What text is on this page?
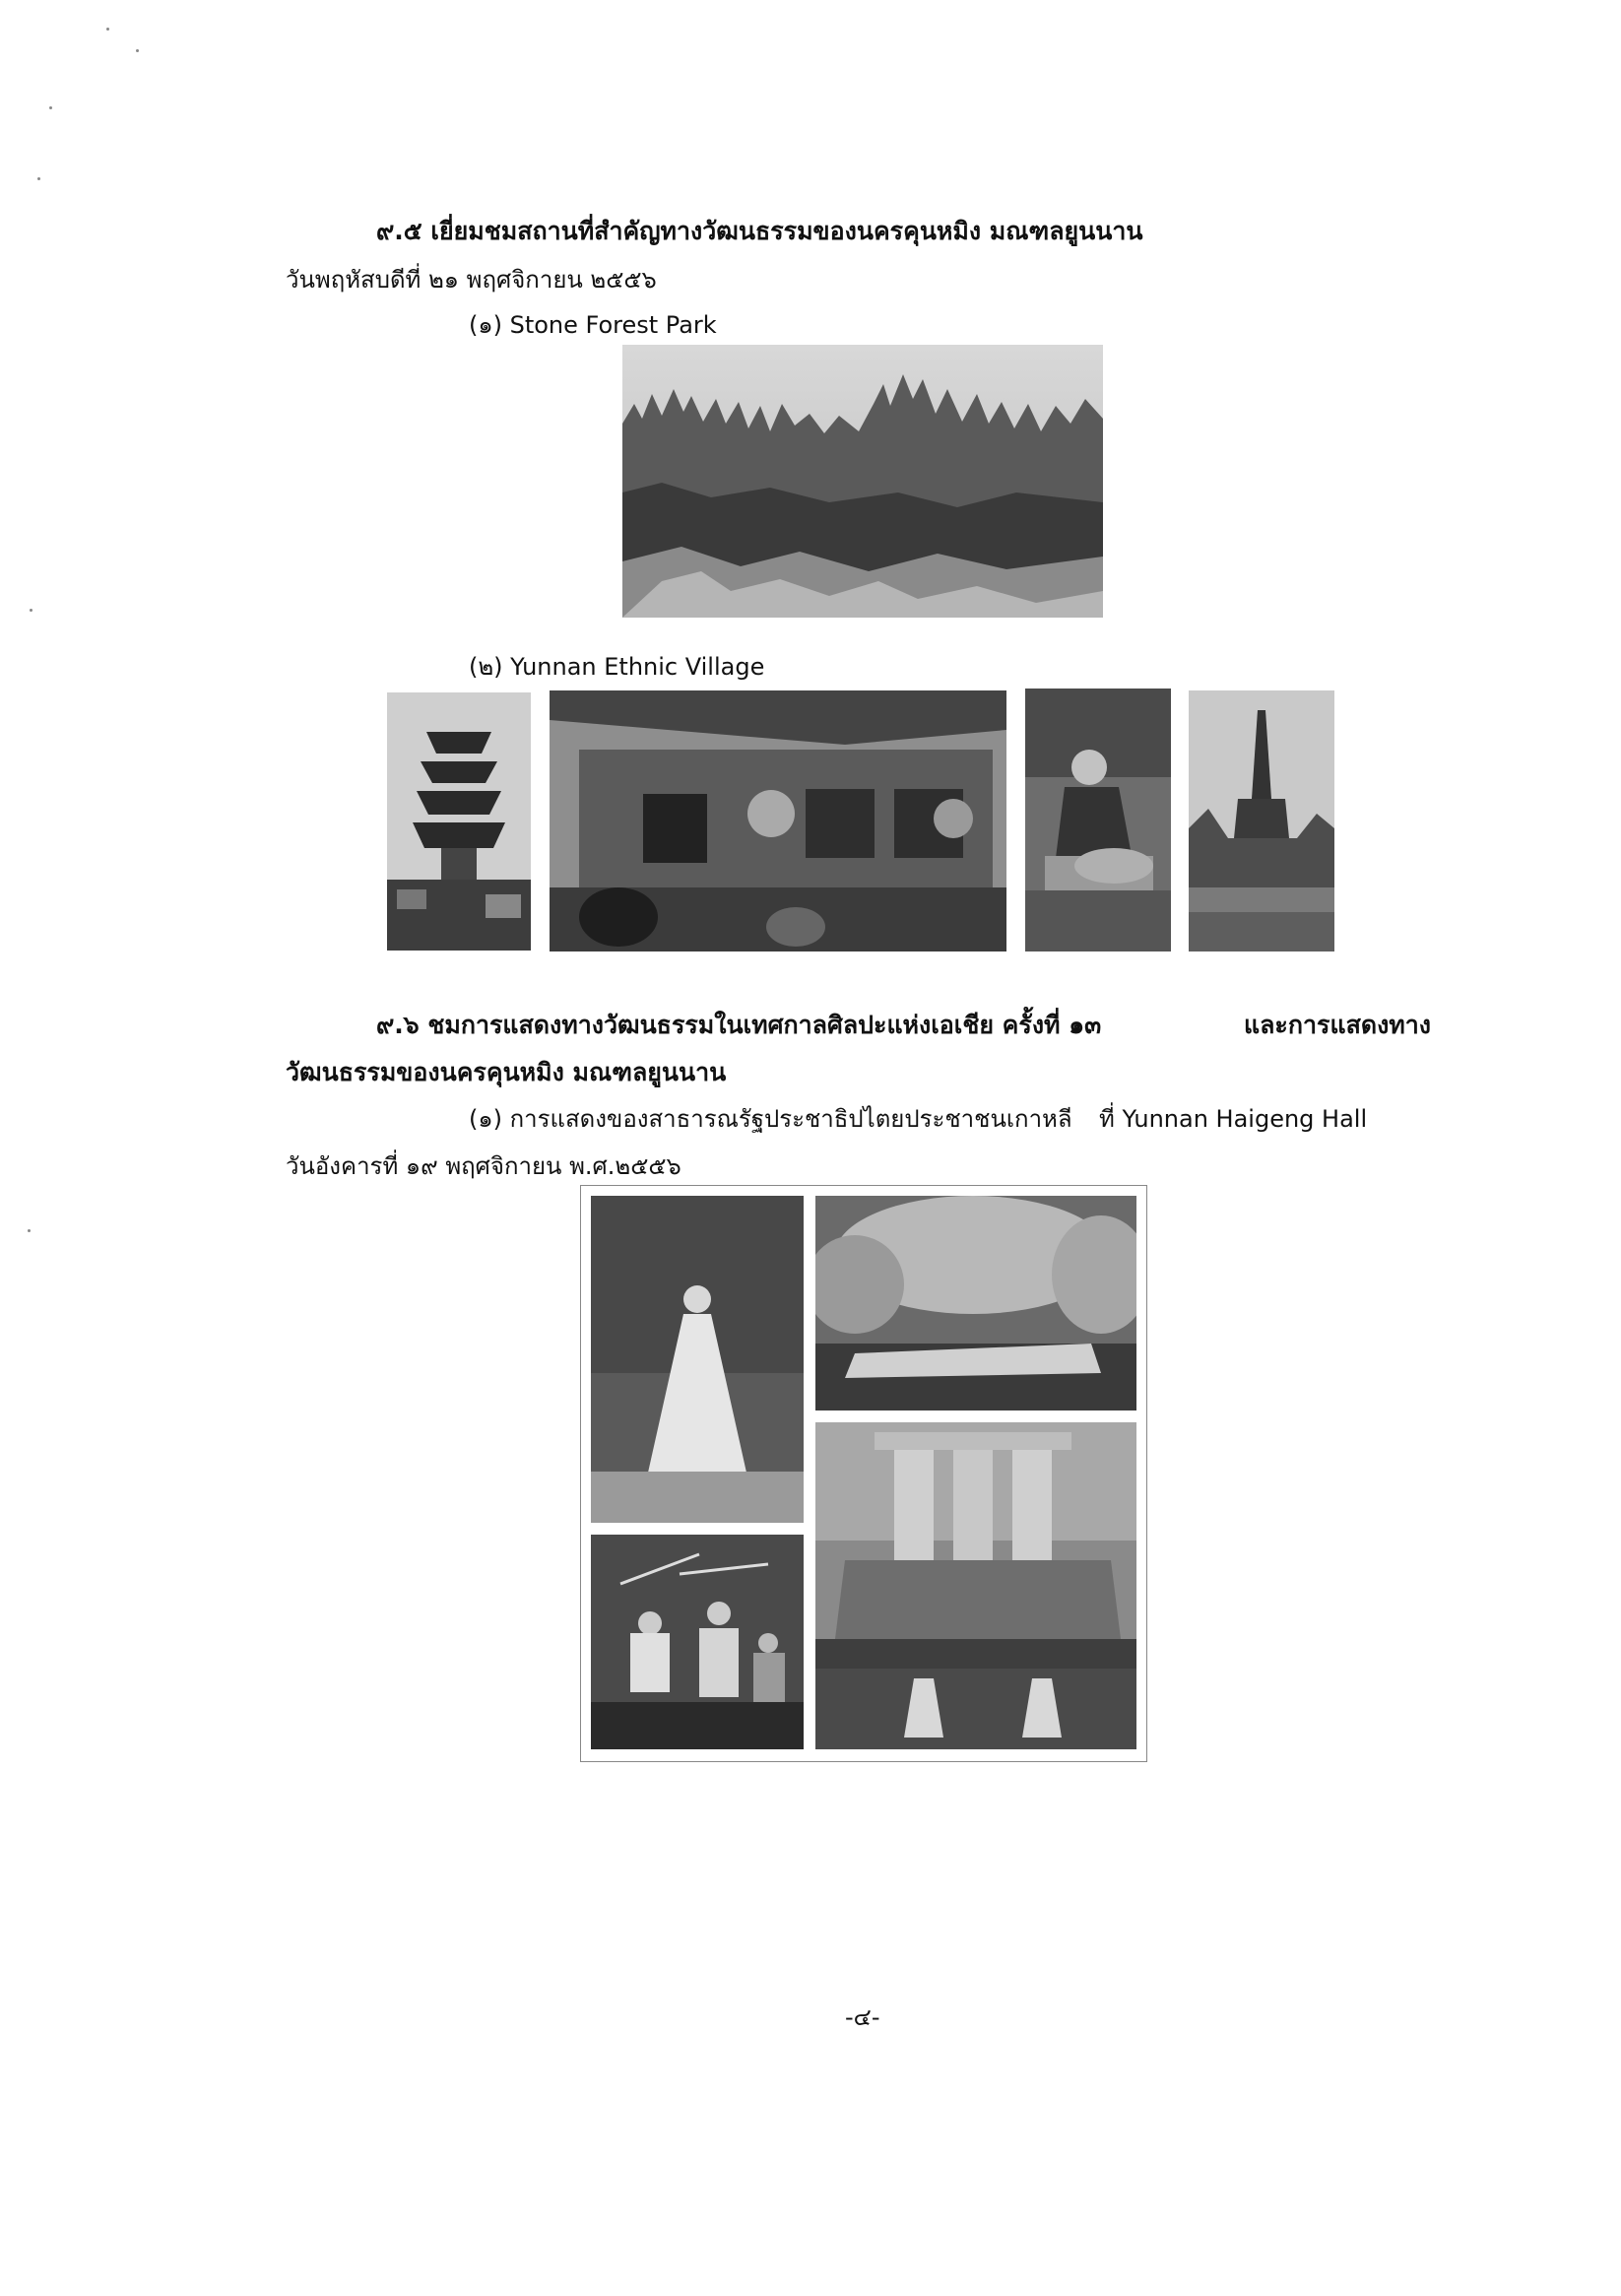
๙.๕ เยี่ยมชมสถานที่สำคัญทางวัฒนธรรมของนครคุนหมิง มณฑลยูนนาน
วันพฤหัสบดีที่ ๒๑ พฤศจิกายน ๒๕๕๖
(๑) Stone Forest Park
(๒) Yunnan Ethnic Village
๙.๖ ชมการแสดงทางวัฒนธรรมในเทศกาลศิลปะแห่งเอเชีย ครั้งที่ ๑๓	และการแสดงทาง
วัฒนธรรมของนครคุนหมิง มณฑลยูนนาน
(๑) การแสดงของสาธารณรัฐประชาธิปไตยประชาชนเกาหลี ที่ Yunnan Haigeng Hall
วันอังคารที่ ๑๙ พฤศจิกายน พ.ศ.๒๕๕๖
-๔-
